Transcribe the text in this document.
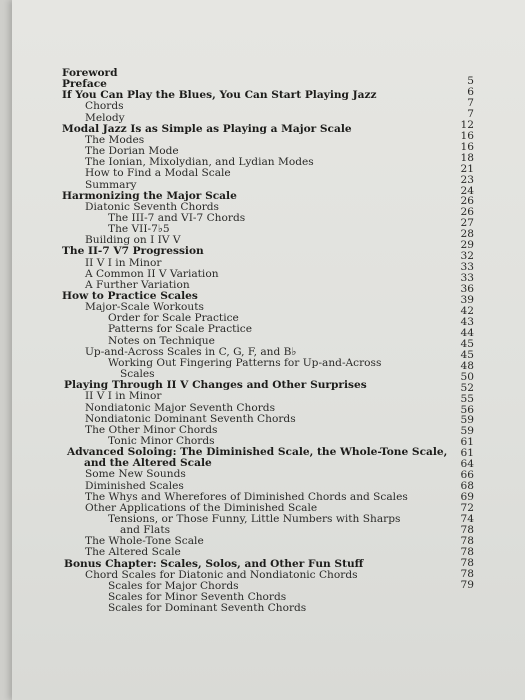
Foreword
Preface
If You Can Play the Blues, You Can Start Playing Jazz
Chords
Melody
Modal Jazz Is as Simple as Playing a Major Scale
The Modes
The Dorian Mode
The Ionian, Mixolydian, and Lydian Modes
How to Find a Modal Scale
Summary
Harmonizing the Major Scale
Diatonic Seventh Chords
The III-7 and VI-7 Chords
The VII-7♭5
Building on I IV V
The II-7 V7 Progression
II V I in Minor
A Common II V Variation
A Further Variation
How to Practice Scales
Major-Scale Workouts
Order for Scale Practice
Patterns for Scale Practice
Notes on Technique
Up-and-Across Scales in C, G, F, and B♭
Working Out Fingering Patterns for Up-and-Across
Scales
Playing Through II V Changes and Other Surprises
II V I in Minor
Nondiatonic Major Seventh Chords
Nondiatonic Dominant Seventh Chords
The Other Minor Chords
Tonic Minor Chords
Advanced Soloing: The Diminished Scale, the Whole-Tone Scale,
and the Altered Scale
Some New Sounds
Diminished Scales
The Whys and Wherefores of Diminished Chords and Scales
Other Applications of the Diminished Scale
Tensions, or Those Funny, Little Numbers with Sharps
and Flats
The Whole-Tone Scale
The Altered Scale
Bonus Chapter: Scales, Solos, and Other Fun Stuff
Chord Scales for Diatonic and Nondiatonic Chords
Scales for Major Chords
Scales for Minor Seventh Chords
Scales for Dominant Seventh Chords
5
6
7
7
12
16
16
18
21
23
24
26
26
27
28
29
32
33
33
36
39
42
43
44
45
45
48
50
52
55
56
59
59
61
61
64
66
68
69
72
74
78
78
78
78
78
79
